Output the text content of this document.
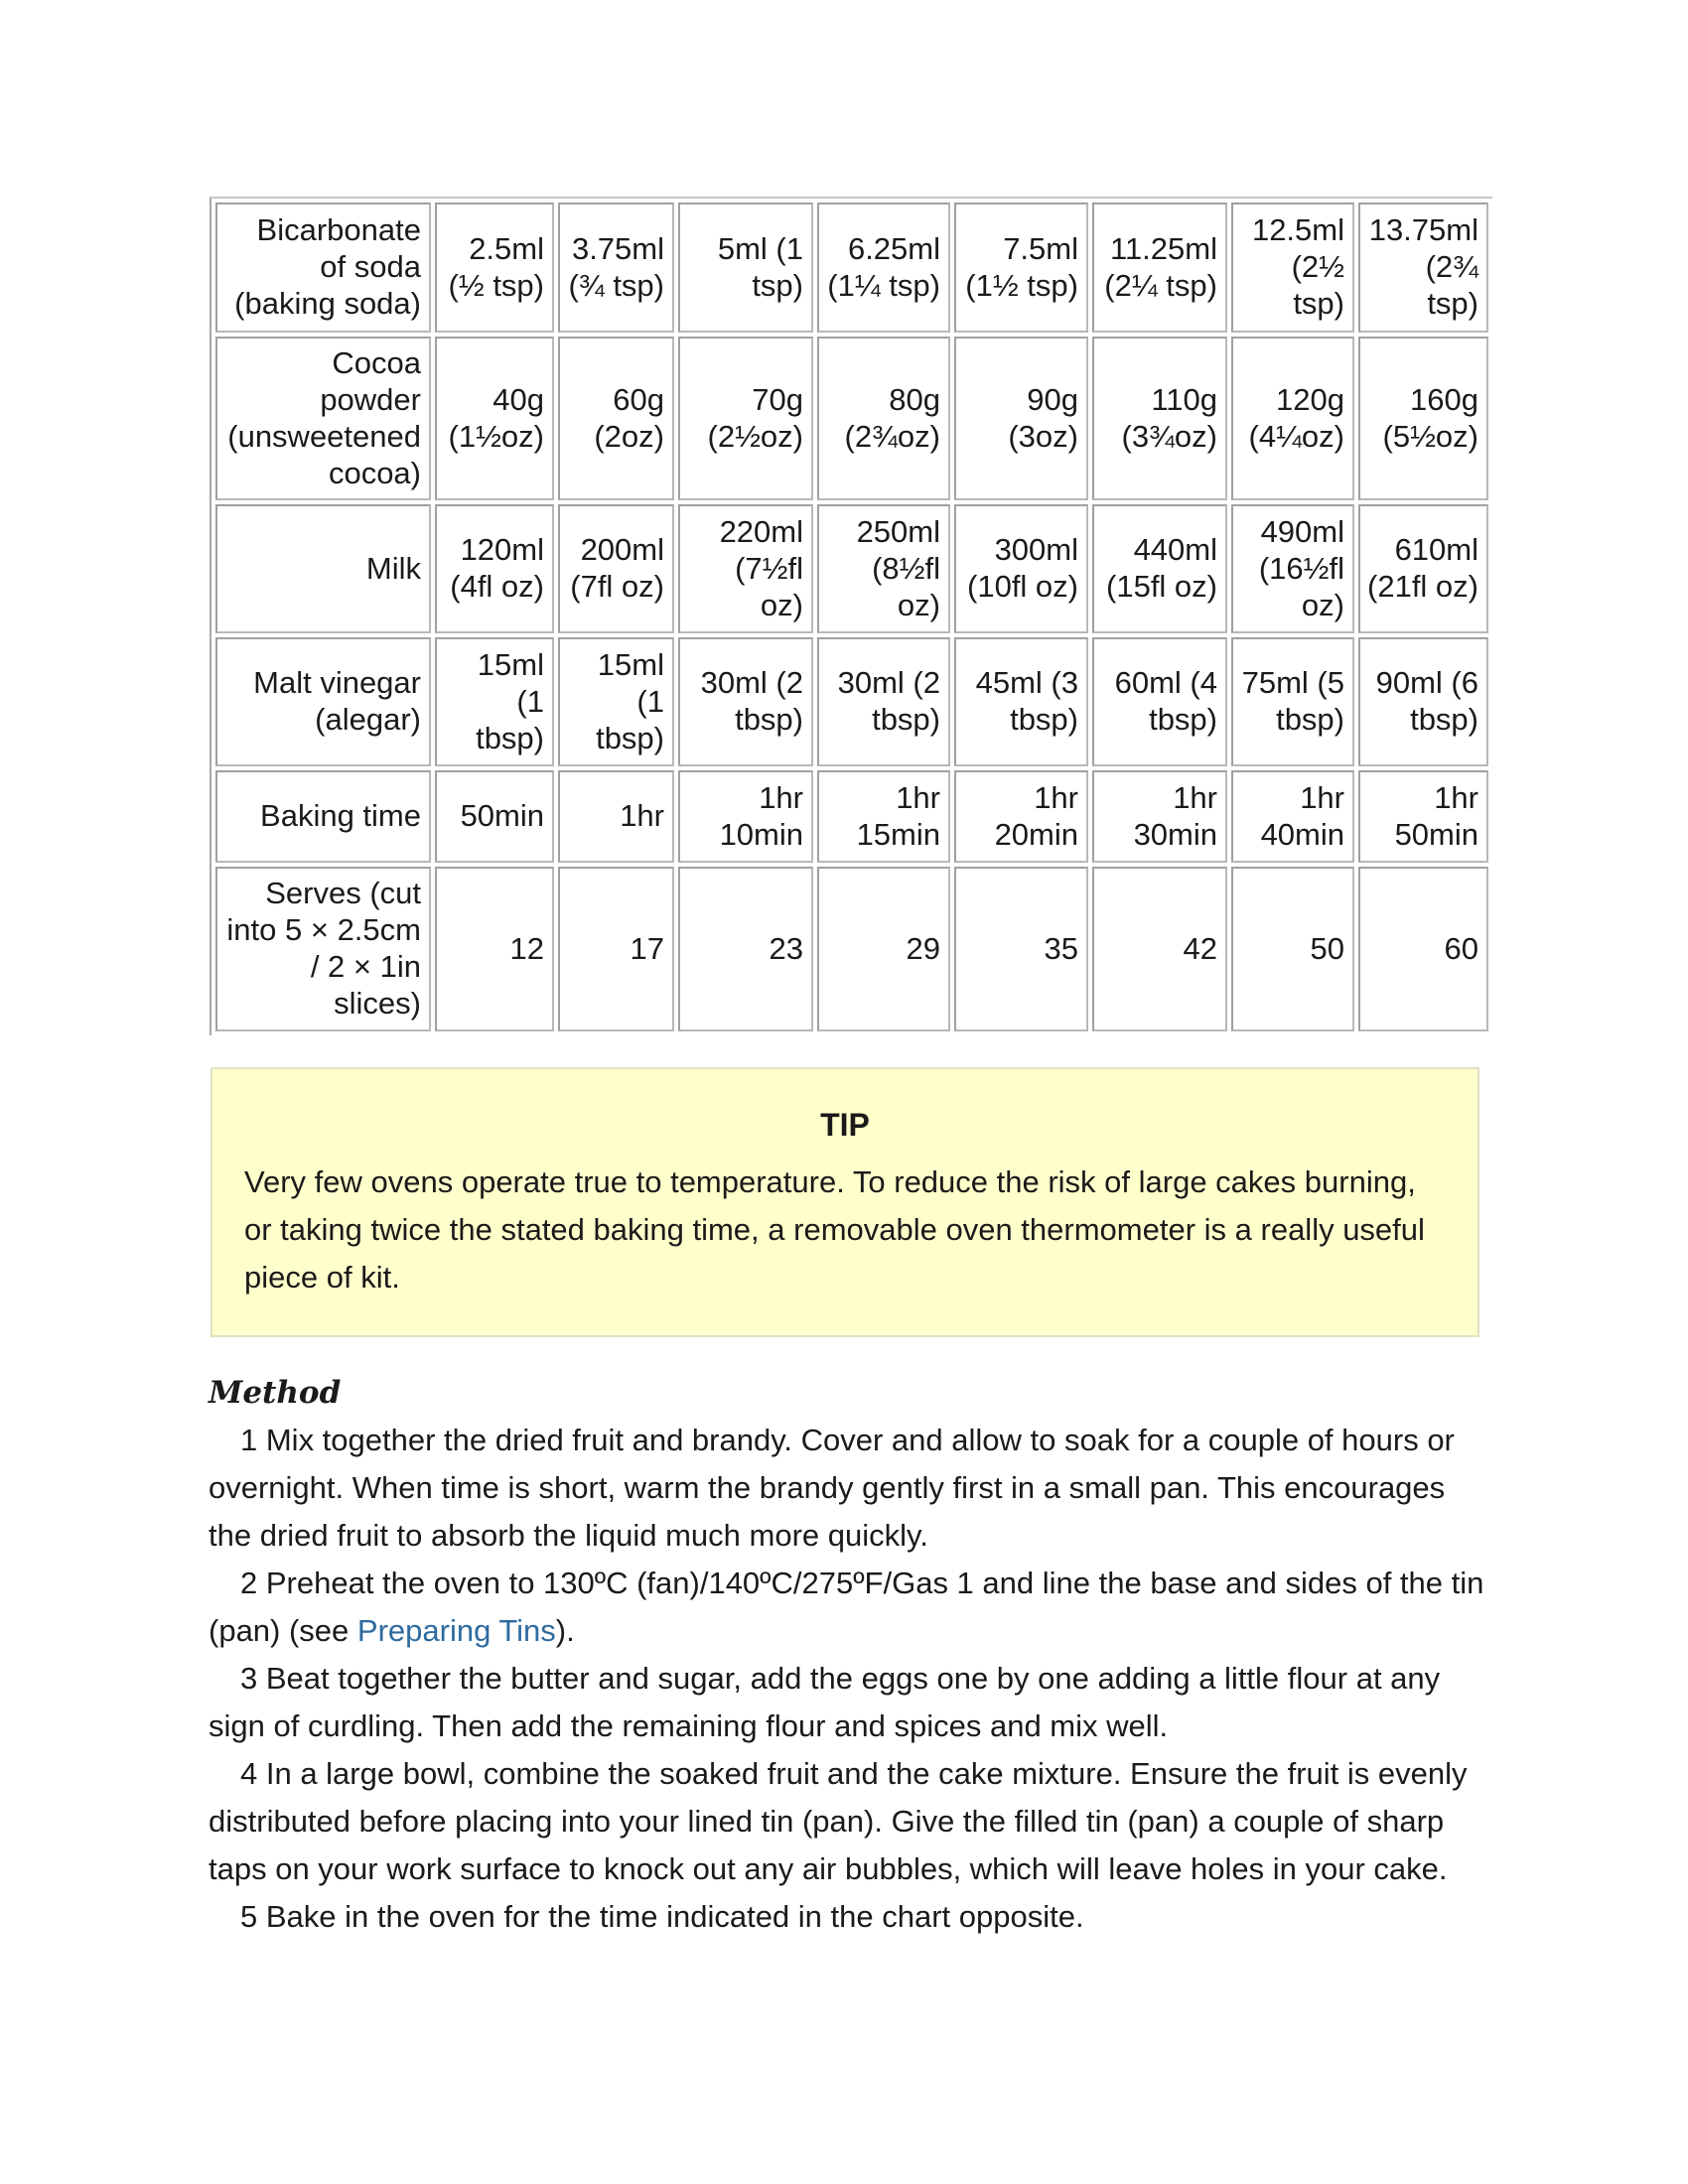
Bicarbonate of soda (baking soda)	2.5ml (½ tsp)	3.75ml (¾ tsp)	5ml (1 tsp)	6.25ml (1¼ tsp)	7.5ml (1½ tsp)	11.25ml (2¼ tsp)	12.5ml (2½ tsp)	13.75ml (2¾ tsp)
Cocoa powder (unsweetened cocoa)	40g (1½oz)	60g (2oz)	70g (2½oz)	80g (2¾oz)	90g (3oz)	110g (3¾oz)	120g (4¼oz)	160g (5½oz)
Milk	120ml (4fl oz)	200ml (7fl oz)	220ml (7½fl oz)	250ml (8½fl oz)	300ml (10fl oz)	440ml (15fl oz)	490ml (16½fl oz)	610ml (21fl oz)
Malt vinegar (alegar)	15ml (1 tbsp)	15ml (1 tbsp)	30ml (2 tbsp)	30ml (2 tbsp)	45ml (3 tbsp)	60ml (4 tbsp)	75ml (5 tbsp)	90ml (6 tbsp)
Baking time	50min	1hr	1hr 10min	1hr 15min	1hr 20min	1hr 30min	1hr 40min	1hr 50min
Serves (cut into 5 × 2.5cm / 2 × 1in slices)	12	17	23	29	35	42	50	60
TIP
Very few ovens operate true to temperature. To reduce the risk of large cakes burning, or taking twice the stated baking time, a removable oven thermometer is a really useful piece of kit.
Method

1 Mix together the dried fruit and brandy. Cover and allow to soak for a couple of hours or overnight. When time is short, warm the brandy gently first in a small pan. This encourages the dried fruit to absorb the liquid much more quickly.

2 Preheat the oven to 130ºC (fan)/140ºC/275ºF/Gas 1 and line the base and sides of the tin (pan) (see Preparing Tins).

3 Beat together the butter and sugar, add the eggs one by one adding a little flour at any sign of curdling. Then add the remaining flour and spices and mix well.

4 In a large bowl, combine the soaked fruit and the cake mixture. Ensure the fruit is evenly distributed before placing into your lined tin (pan). Give the filled tin (pan) a couple of sharp taps on your work surface to knock out any air bubbles, which will leave holes in your cake.

5 Bake in the oven for the time indicated in the chart opposite.
